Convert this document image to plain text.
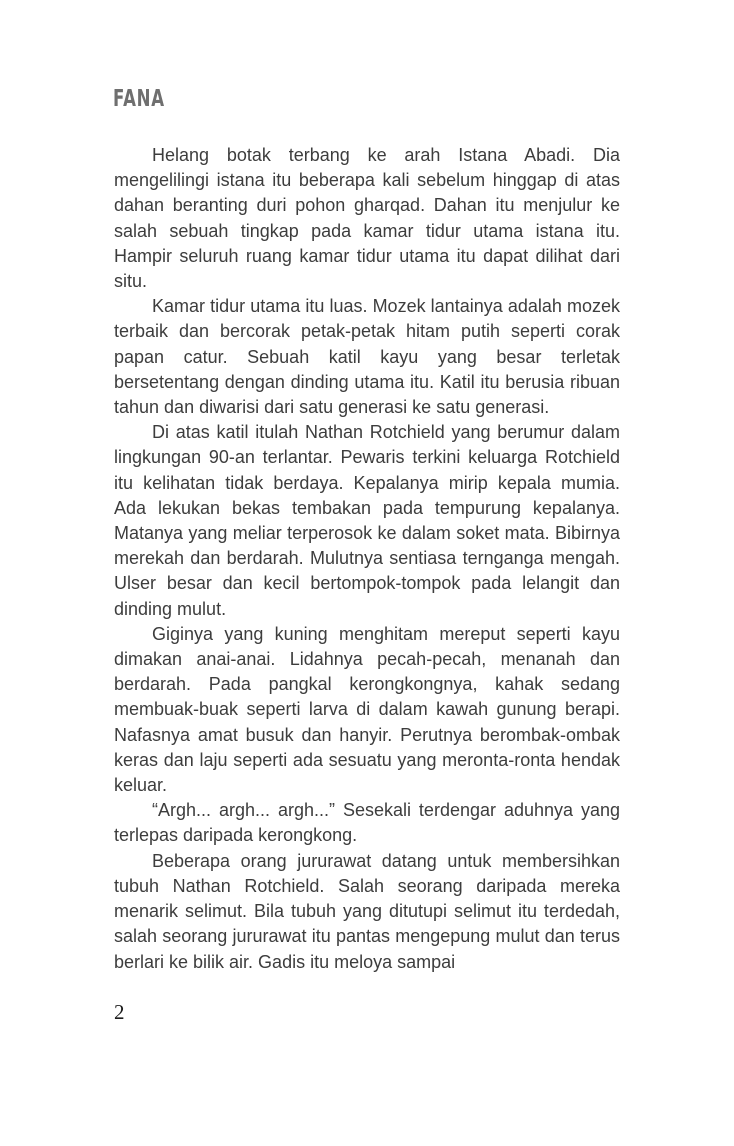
FANA

Helang botak terbang ke arah Istana Abadi. Dia mengelilingi istana itu beberapa kali sebelum hinggap di atas dahan beranting duri pohon gharqad. Dahan itu menjulur ke salah sebuah tingkap pada kamar tidur utama istana itu. Hampir seluruh ruang kamar tidur utama itu dapat dilihat dari situ.

Kamar tidur utama itu luas. Mozek lantainya adalah mozek terbaik dan bercorak petak-petak hitam putih seperti corak papan catur. Sebuah katil kayu yang besar terletak bersetentang dengan dinding utama itu. Katil itu berusia ribuan tahun dan diwarisi dari satu generasi ke satu generasi.

Di atas katil itulah Nathan Rotchield yang berumur dalam lingkungan 90-an terlantar. Pewaris terkini keluarga Rotchield itu kelihatan tidak berdaya. Kepalanya mirip kepala mumia. Ada lekukan bekas tembakan pada tempurung kepalanya. Matanya yang meliar terperosok ke dalam soket mata. Bibirnya merekah dan berdarah. Mulutnya sentiasa ternganga mengah. Ulser besar dan kecil bertompok-tompok pada lelangit dan dinding mulut.

Giginya yang kuning menghitam mereput seperti kayu dimakan anai-anai. Lidahnya pecah-pecah, menanah dan berdarah. Pada pangkal kerongkongnya, kahak sedang membuak-buak seperti larva di dalam kawah gunung berapi. Nafasnya amat busuk dan hanyir. Perutnya berombak-ombak keras dan laju seperti ada sesuatu yang meronta-ronta hendak keluar.

“Argh... argh... argh...” Sesekali terdengar aduhnya yang terlepas daripada kerongkong.

Beberapa orang jururawat datang untuk membersihkan tubuh Nathan Rotchield. Salah seorang daripada mereka menarik selimut. Bila tubuh yang ditutupi selimut itu terdedah, salah seorang jururawat itu pantas mengepung mulut dan terus berlari ke bilik air. Gadis itu meloya sampai

2
